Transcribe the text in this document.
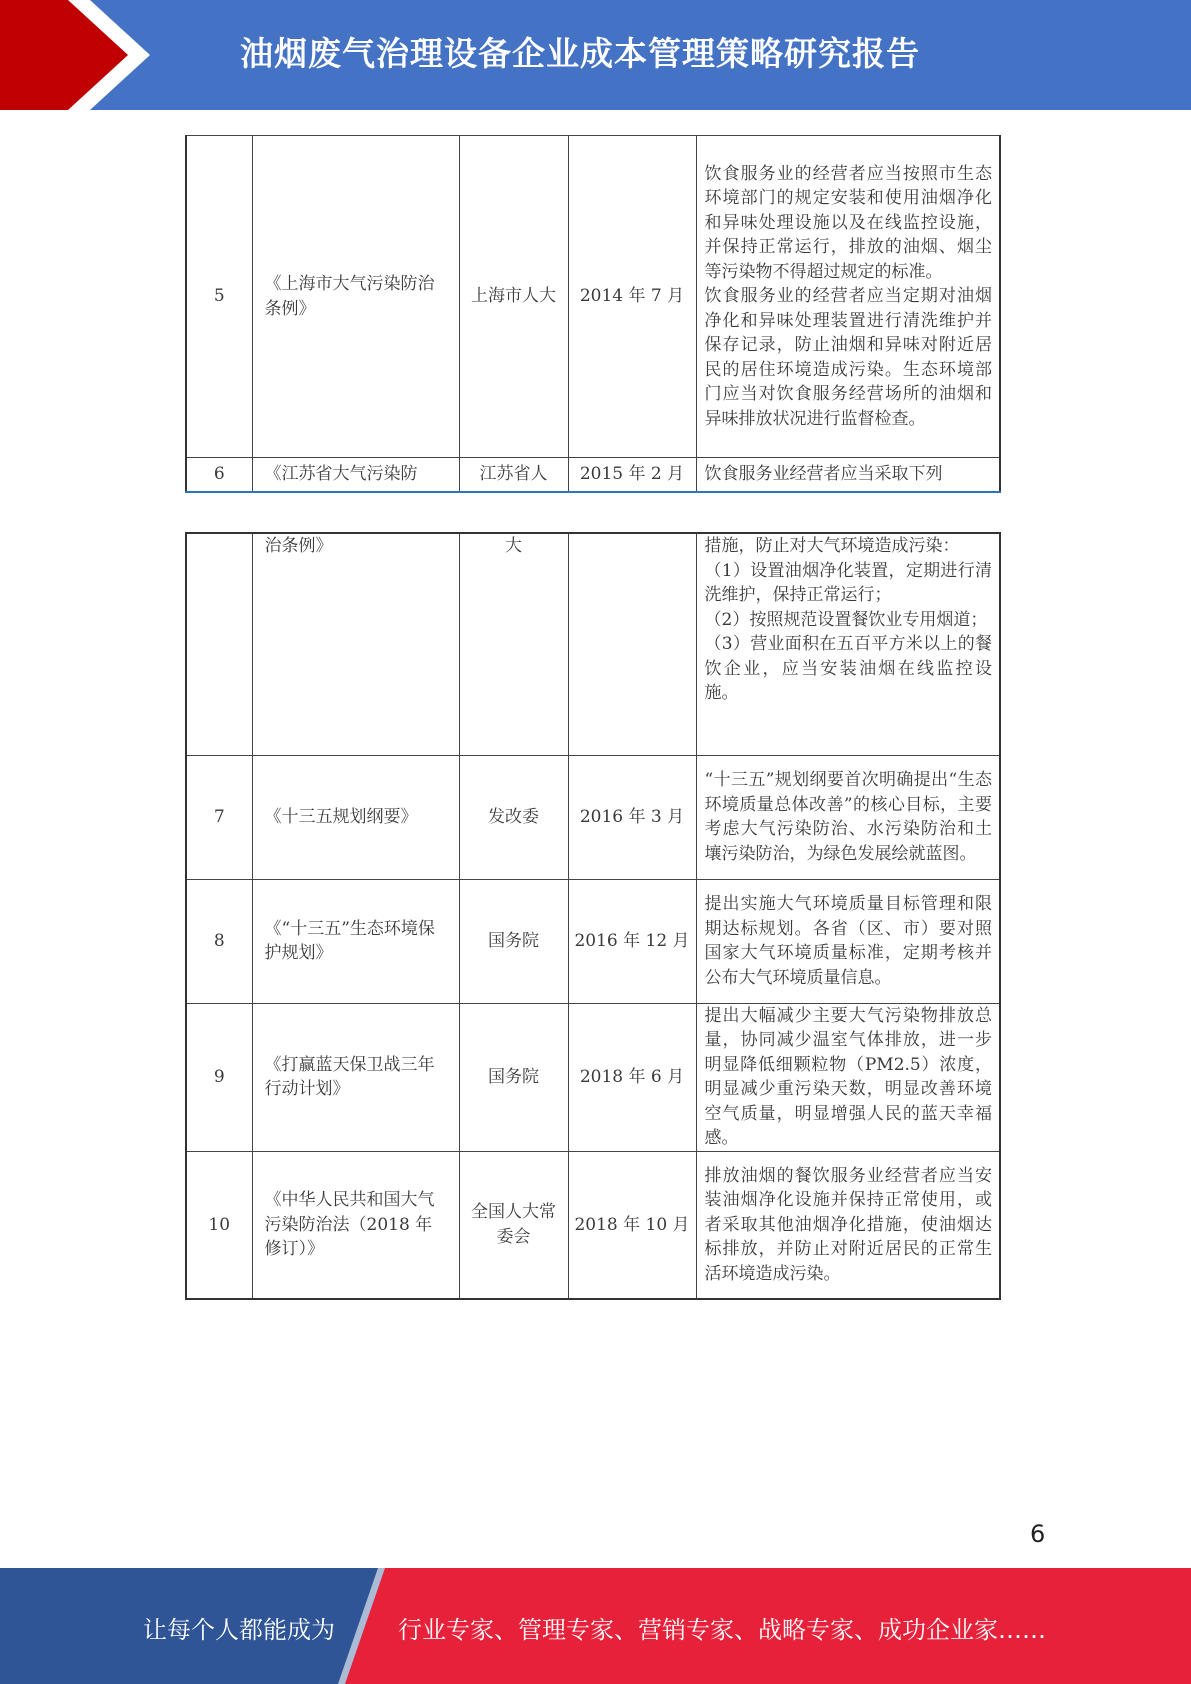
油烟废气治理设备企业成本管理策略研究报告
5	《上海市大气污染防治条例》	上海市人大	2014 年 7 月	饮食服务业的经营者应当按照市生态环境部门的规定安装和使用油烟净化和异味处理设施以及在线监控设施，并保持正常运行，排放的油烟、烟尘等污染物不得超过规定的标准。
饮食服务业的经营者应当定期对油烟净化和异味处理装置进行清洗维护并保存记录，防止油烟和异味对附近居民的居住环境造成污染。生态环境部门应当对饮食服务经营场所的油烟和异味排放状况进行监督检查。

6	《江苏省大气污染防	江苏省人	2015 年 2 月	饮食服务业经营者应当采取下列
	治条例》	大		措施，防止对大气环境造成污染：
（1）设置油烟净化装置，定期进行清洗维护，保持正常运行；
（2）按照规范设置餐饮业专用烟道；
（3）营业面积在五百平方米以上的餐饮企业，应当安装油烟在线监控设施。

7	《十三五规划纲要》	发改委	2016 年 3 月	“十三五”规划纲要首次明确提出“生态环境质量总体改善”的核心目标，主要考虑大气污染防治、水污染防治和土壤污染防治，为绿色发展绘就蓝图。

8	《“十三五”生态环境保护规划》	国务院	2016 年 12 月	提出实施大气环境质量目标管理和限期达标规划。各省（区、市）要对照国家大气环境质量标准，定期考核并公布大气环境质量信息。

9	《打赢蓝天保卫战三年行动计划》	国务院	2018 年 6 月	提出大幅减少主要大气污染物排放总量，协同减少温室气体排放，进一步明显降低细颗粒物（PM2.5）浓度，明显减少重污染天数，明显改善环境空气质量，明显增强人民的蓝天幸福感。

10	《中华人民共和国大气污染防治法（2018 年修订）》	全国人大常委会	2018 年 10 月	排放油烟的餐饮服务业经营者应当安装油烟净化设施并保持正常使用，或者采取其他油烟净化措施，使油烟达标排放，并防止对附近居民的正常生活环境造成污染。
6
让每个人都能成为	行业专家、管理专家、营销专家、战略专家、成功企业家……
